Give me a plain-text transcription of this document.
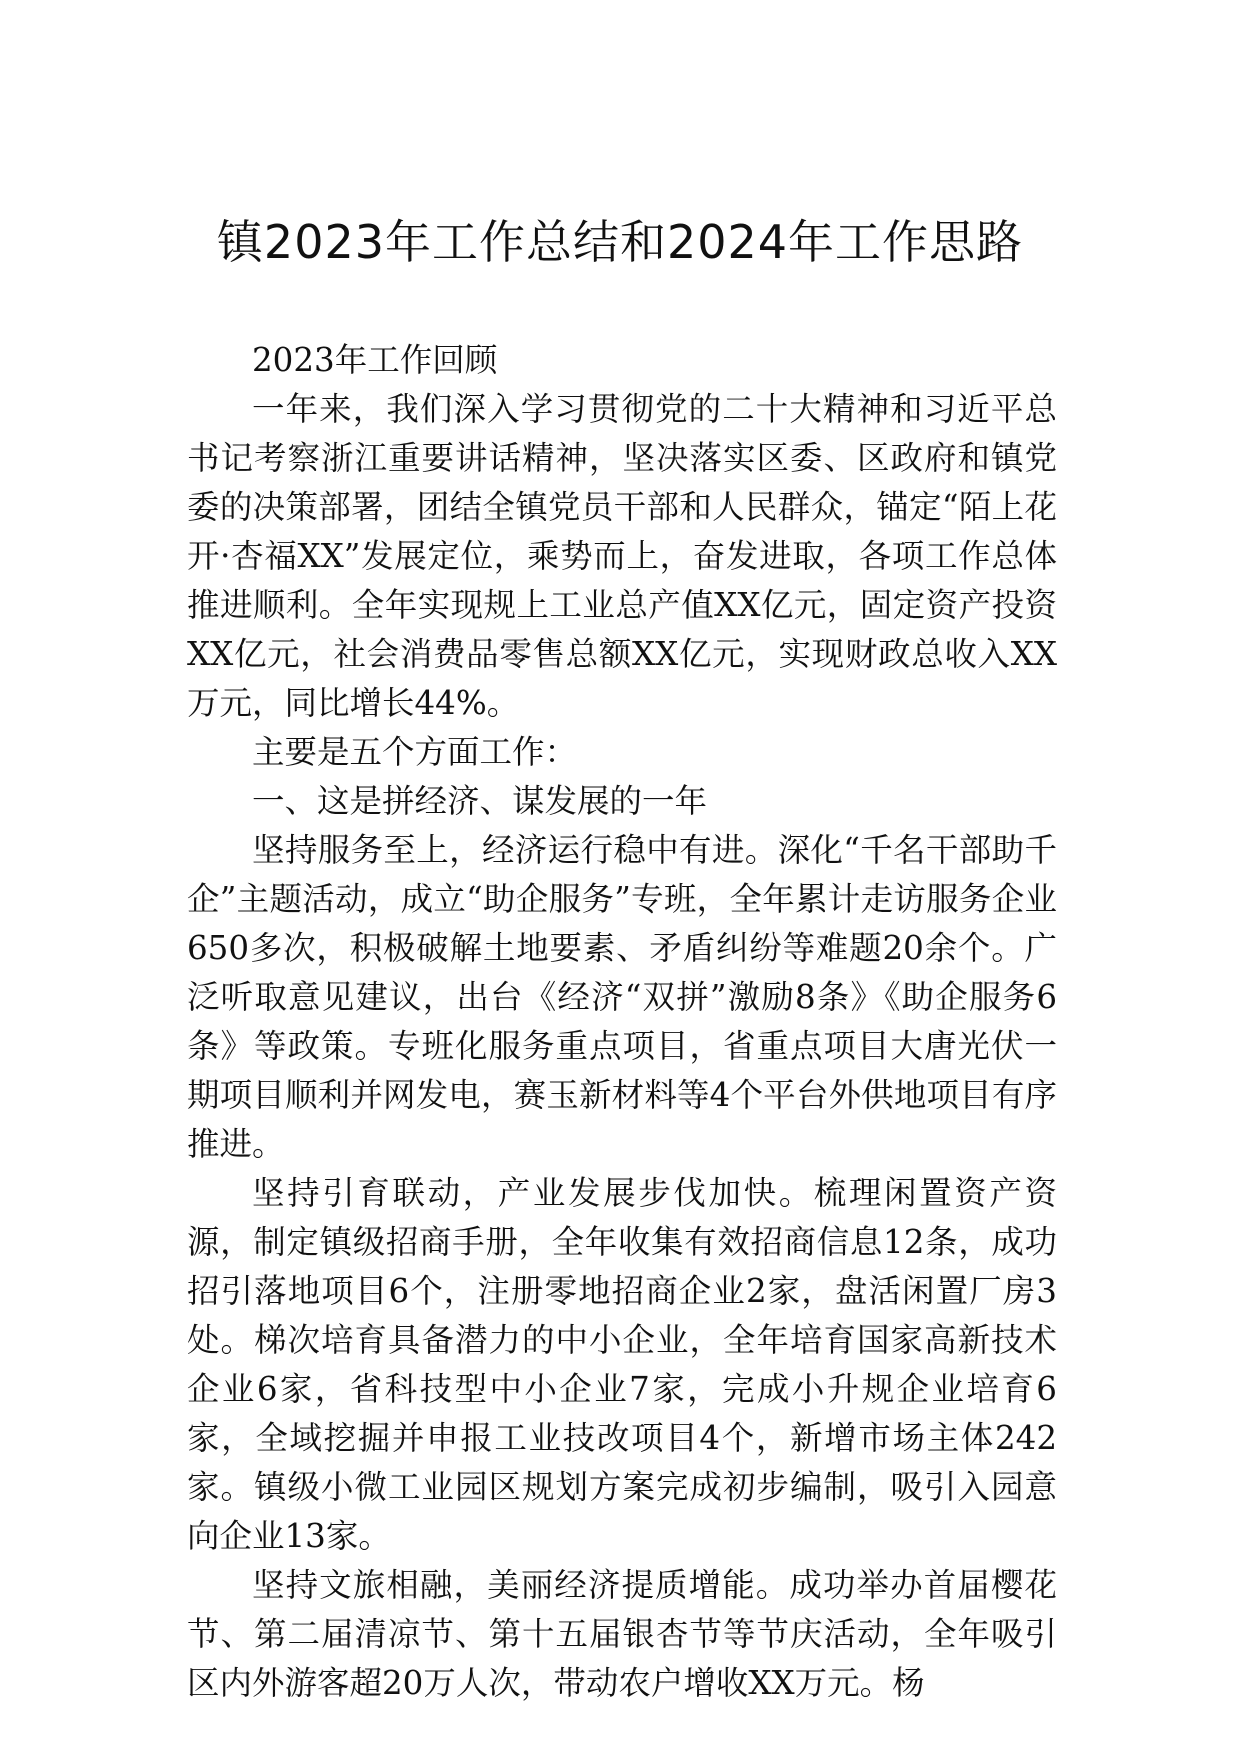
镇2023年工作总结和2024年工作思路

2023年工作回顾

一年来，我们深入学习贯彻党的二十大精神和习近平总书记考察浙江重要讲话精神，坚决落实区委、区政府和镇党委的决策部署，团结全镇党员干部和人民群众，锚定“陌上花开·杏福XX”发展定位，乘势而上，奋发进取，各项工作总体推进顺利。全年实现规上工业总产值XX亿元，固定资产投资XX亿元，社会消费品零售总额XX亿元，实现财政总收入XX万元，同比增长44%。

主要是五个方面工作：

一、这是拼经济、谋发展的一年

坚持服务至上，经济运行稳中有进。深化“千名干部助千企”主题活动，成立“助企服务”专班，全年累计走访服务企业650多次，积极破解土地要素、矛盾纠纷等难题20余个。广泛听取意见建议，出台《经济“双拼”激励8条》《助企服务6条》等政策。专班化服务重点项目，省重点项目大唐光伏一期项目顺利并网发电，赛玉新材料等4个平台外供地项目有序推进。

坚持引育联动，产业发展步伐加快。梳理闲置资产资源，制定镇级招商手册，全年收集有效招商信息12条，成功招引落地项目6个，注册零地招商企业2家，盘活闲置厂房3处。梯次培育具备潜力的中小企业，全年培育国家高新技术企业6家，省科技型中小企业7家，完成小升规企业培育6家，全域挖掘并申报工业技改项目4个，新增市场主体242家。镇级小微工业园区规划方案完成初步编制，吸引入园意向企业13家。

坚持文旅相融，美丽经济提质增能。成功举办首届樱花节、第二届清凉节、第十五届银杏节等节庆活动，全年吸引区内外游客超20万人次，带动农户增收XX万元。杨
